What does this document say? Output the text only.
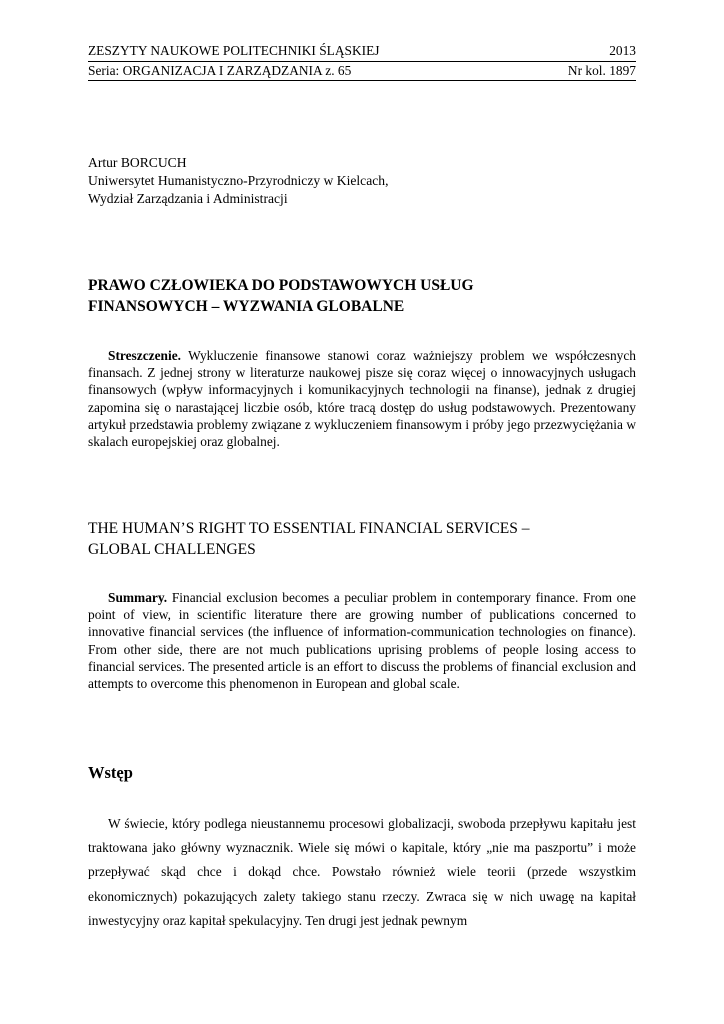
ZESZYTY NAUKOWE POLITECHNIKI ŚLĄSKIEJ	2013
Seria: ORGANIZACJA I ZARZĄDZANIA z. 65	Nr kol. 1897
Artur BORCUCH
Uniwersytet Humanistyczno-Przyrodniczy w Kielcach,
Wydział Zarządzania i Administracji
PRAWO CZŁOWIEKA DO PODSTAWOWYCH USŁUG
FINANSOWYCH – WYZWANIA GLOBALNE

Streszczenie. Wykluczenie finansowe stanowi coraz ważniejszy problem we współczesnych finansach. Z jednej strony w literaturze naukowej pisze się coraz więcej o innowacyjnych usługach finansowych (wpływ informacyjnych i komunikacyjnych technologii na finanse), jednak z drugiej zapomina się o narastającej liczbie osób, które tracą dostęp do usług podstawowych. Prezentowany artykuł przedstawia problemy związane z wykluczeniem finansowym i próby jego przezwyciężania w skalach europejskiej oraz globalnej.

THE HUMAN’S RIGHT TO ESSENTIAL FINANCIAL SERVICES –
GLOBAL CHALLENGES

Summary. Financial exclusion becomes a peculiar problem in contemporary finance. From one point of view, in scientific literature there are growing number of publications concerned to innovative financial services (the influence of information-communication technologies on finance). From other side, there are not much publications uprising problems of people losing access to financial services. The presented article is an effort to discuss the problems of financial exclusion and attempts to overcome this phenomenon in European and global scale.

Wstęp

W świecie, który podlega nieustannemu procesowi globalizacji, swoboda przepływu kapitału jest traktowana jako główny wyznacznik. Wiele się mówi o kapitale, który „nie ma paszportu” i może przepływać skąd chce i dokąd chce. Powstało również wiele teorii (przede wszystkim ekonomicznych) pokazujących zalety takiego stanu rzeczy. Zwraca się w nich uwagę na kapitał inwestycyjny oraz kapitał spekulacyjny. Ten drugi jest jednak pewnym
